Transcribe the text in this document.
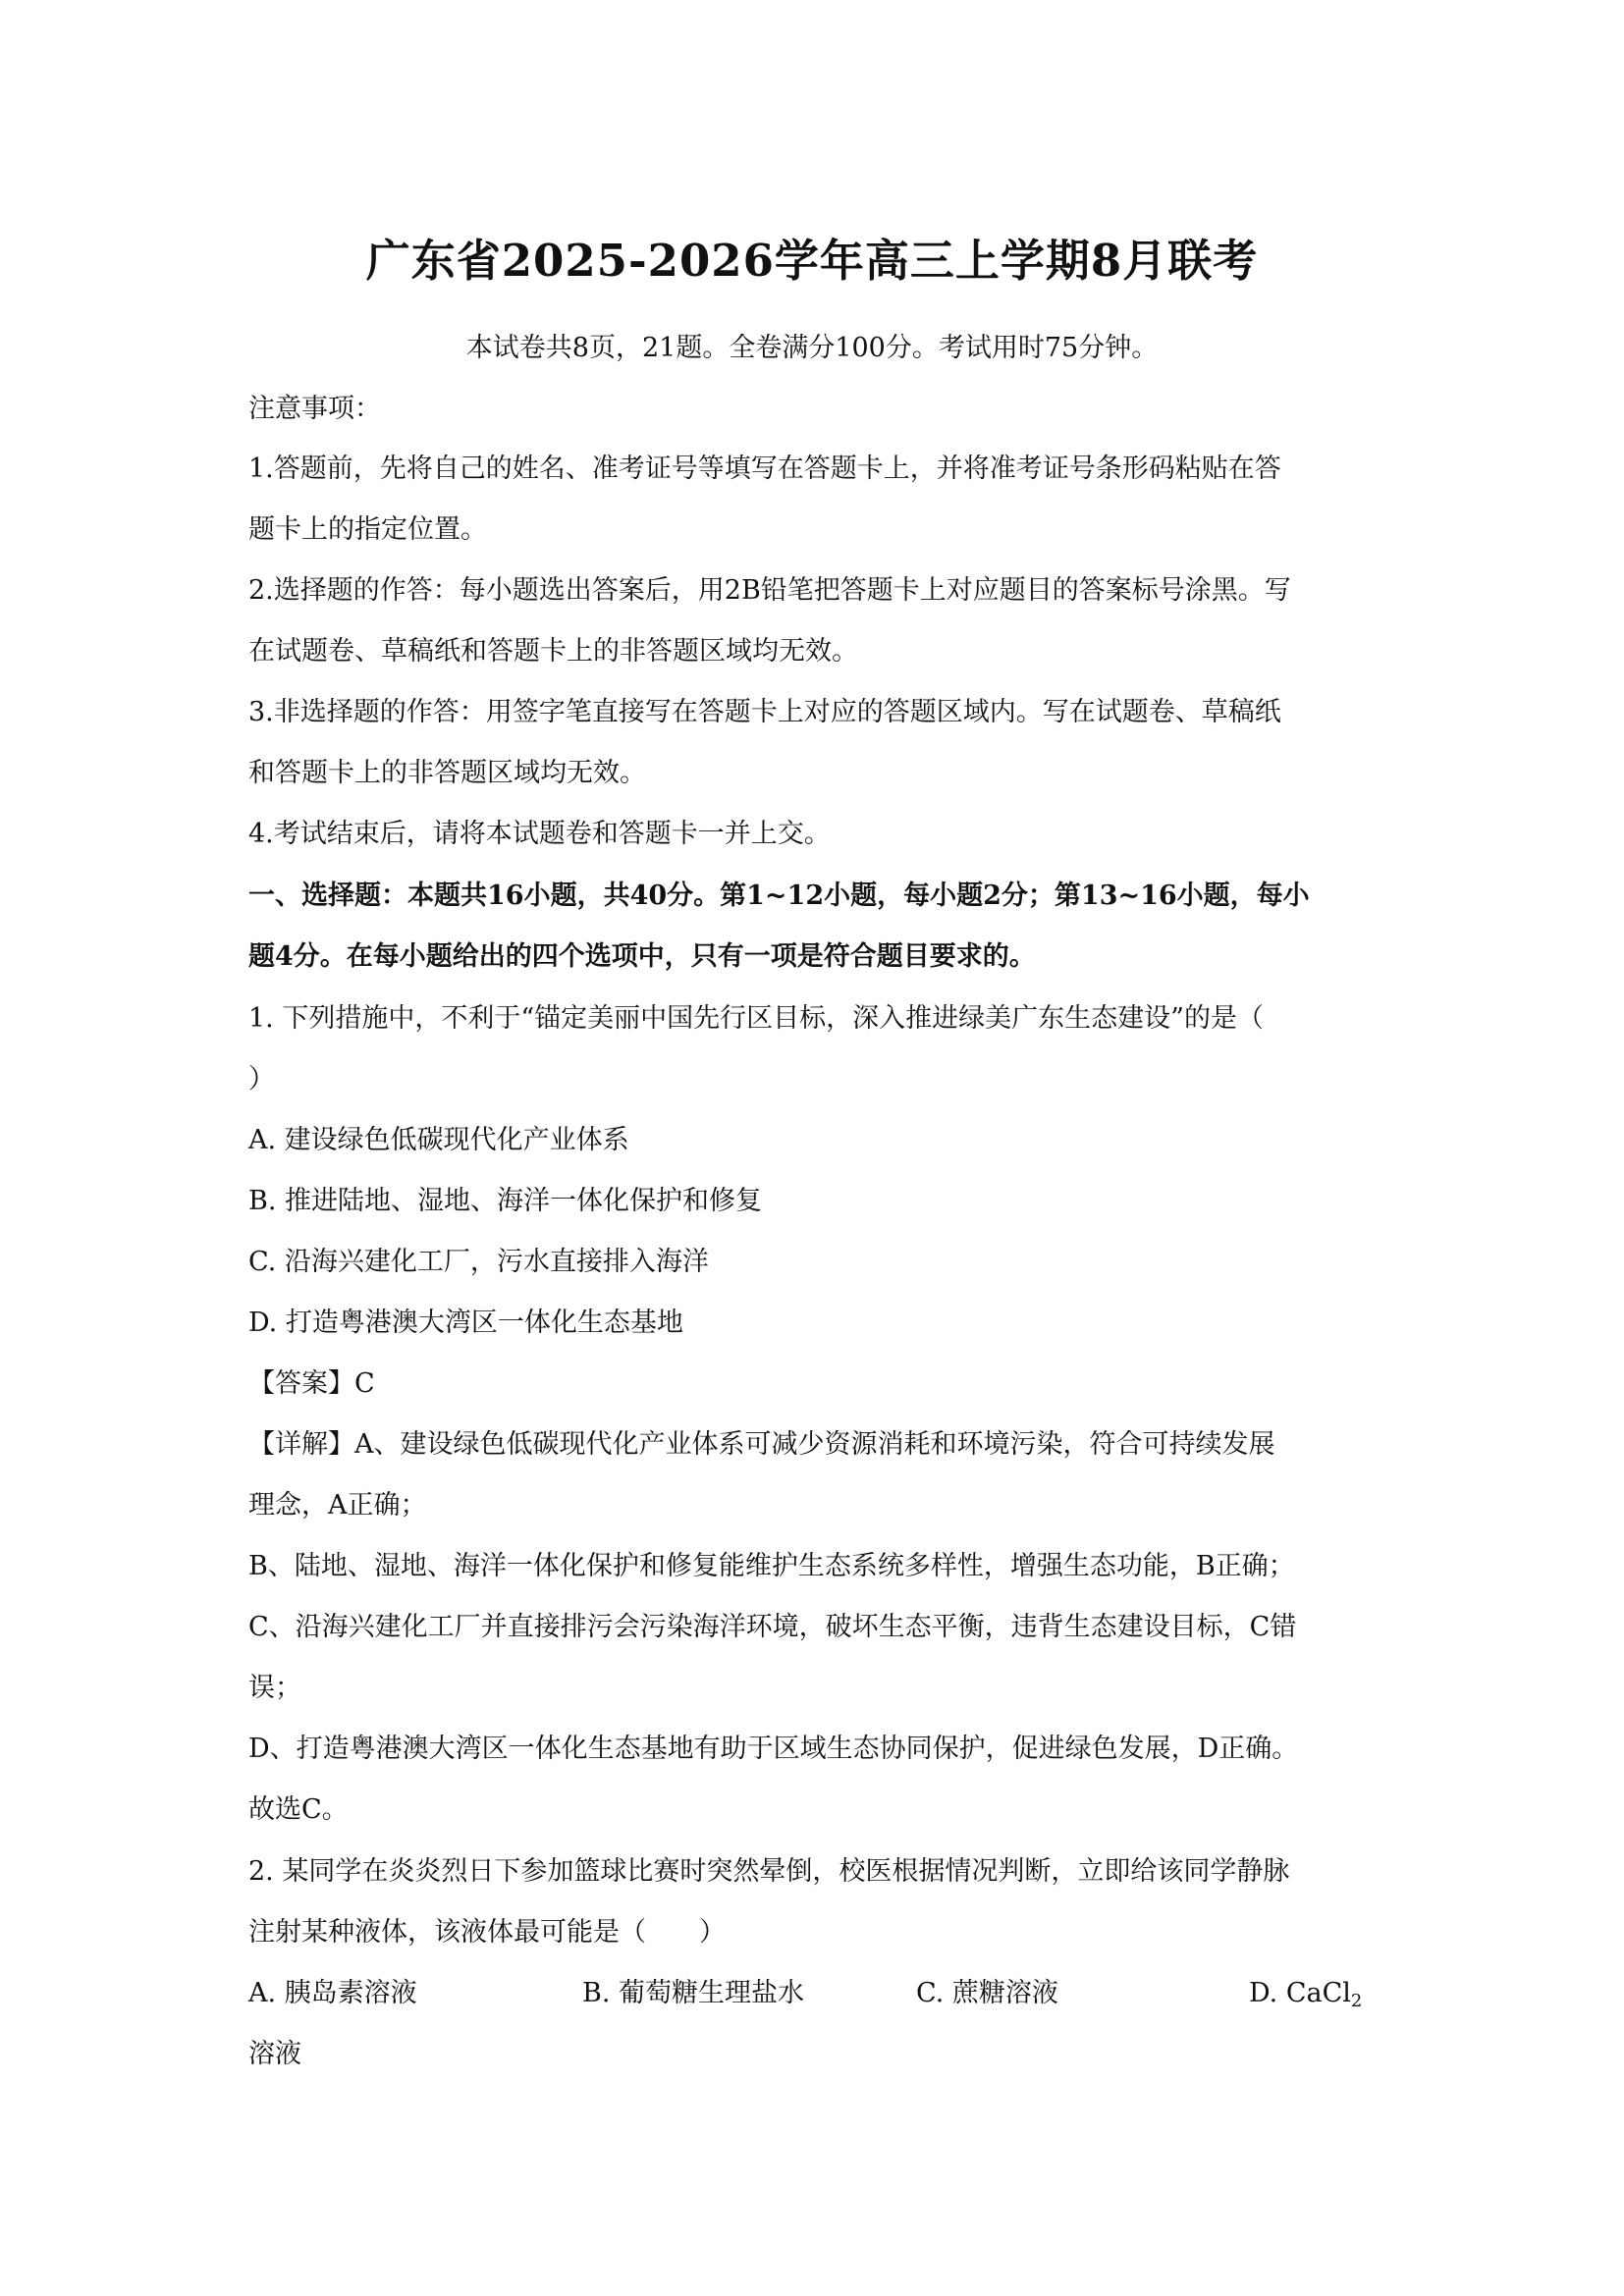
广东省2025-2026学年高三上学期8月联考
本试卷共8页，21题。全卷满分100分。考试用时75分钟。
注意事项：
1.答题前，先将自己的姓名、准考证号等填写在答题卡上，并将准考证号条形码粘贴在答
题卡上的指定位置。
2.选择题的作答：每小题选出答案后，用2B铅笔把答题卡上对应题目的答案标号涂黑。写
在试题卷、草稿纸和答题卡上的非答题区域均无效。
3.非选择题的作答：用签字笔直接写在答题卡上对应的答题区域内。写在试题卷、草稿纸
和答题卡上的非答题区域均无效。
4.考试结束后，请将本试题卷和答题卡一并上交。
一、选择题：本题共16小题，共40分。第1~12小题，每小题2分；第13~16小题，每小
题4分。在每小题给出的四个选项中，只有一项是符合题目要求的。
1. 下列措施中，不利于“锚定美丽中国先行区目标，深入推进绿美广东生态建设”的是（
）
A. 建设绿色低碳现代化产业体系
B. 推进陆地、湿地、海洋一体化保护和修复
C. 沿海兴建化工厂，污水直接排入海洋
D. 打造粤港澳大湾区一体化生态基地
【答案】C
【详解】A、建设绿色低碳现代化产业体系可减少资源消耗和环境污染，符合可持续发展
理念，A正确；
B、陆地、湿地、海洋一体化保护和修复能维护生态系统多样性，增强生态功能，B正确；
C、沿海兴建化工厂并直接排污会污染海洋环境，破坏生态平衡，违背生态建设目标，C错
误；
D、打造粤港澳大湾区一体化生态基地有助于区域生态协同保护，促进绿色发展，D正确。
故选C。
2. 某同学在炎炎烈日下参加篮球比赛时突然晕倒，校医根据情况判断，立即给该同学静脉
注射某种液体，该液体最可能是（　　）
A. 胰岛素溶液	B. 葡萄糖生理盐水	C. 蔗糖溶液	D. CaCl$_2$
溶液
